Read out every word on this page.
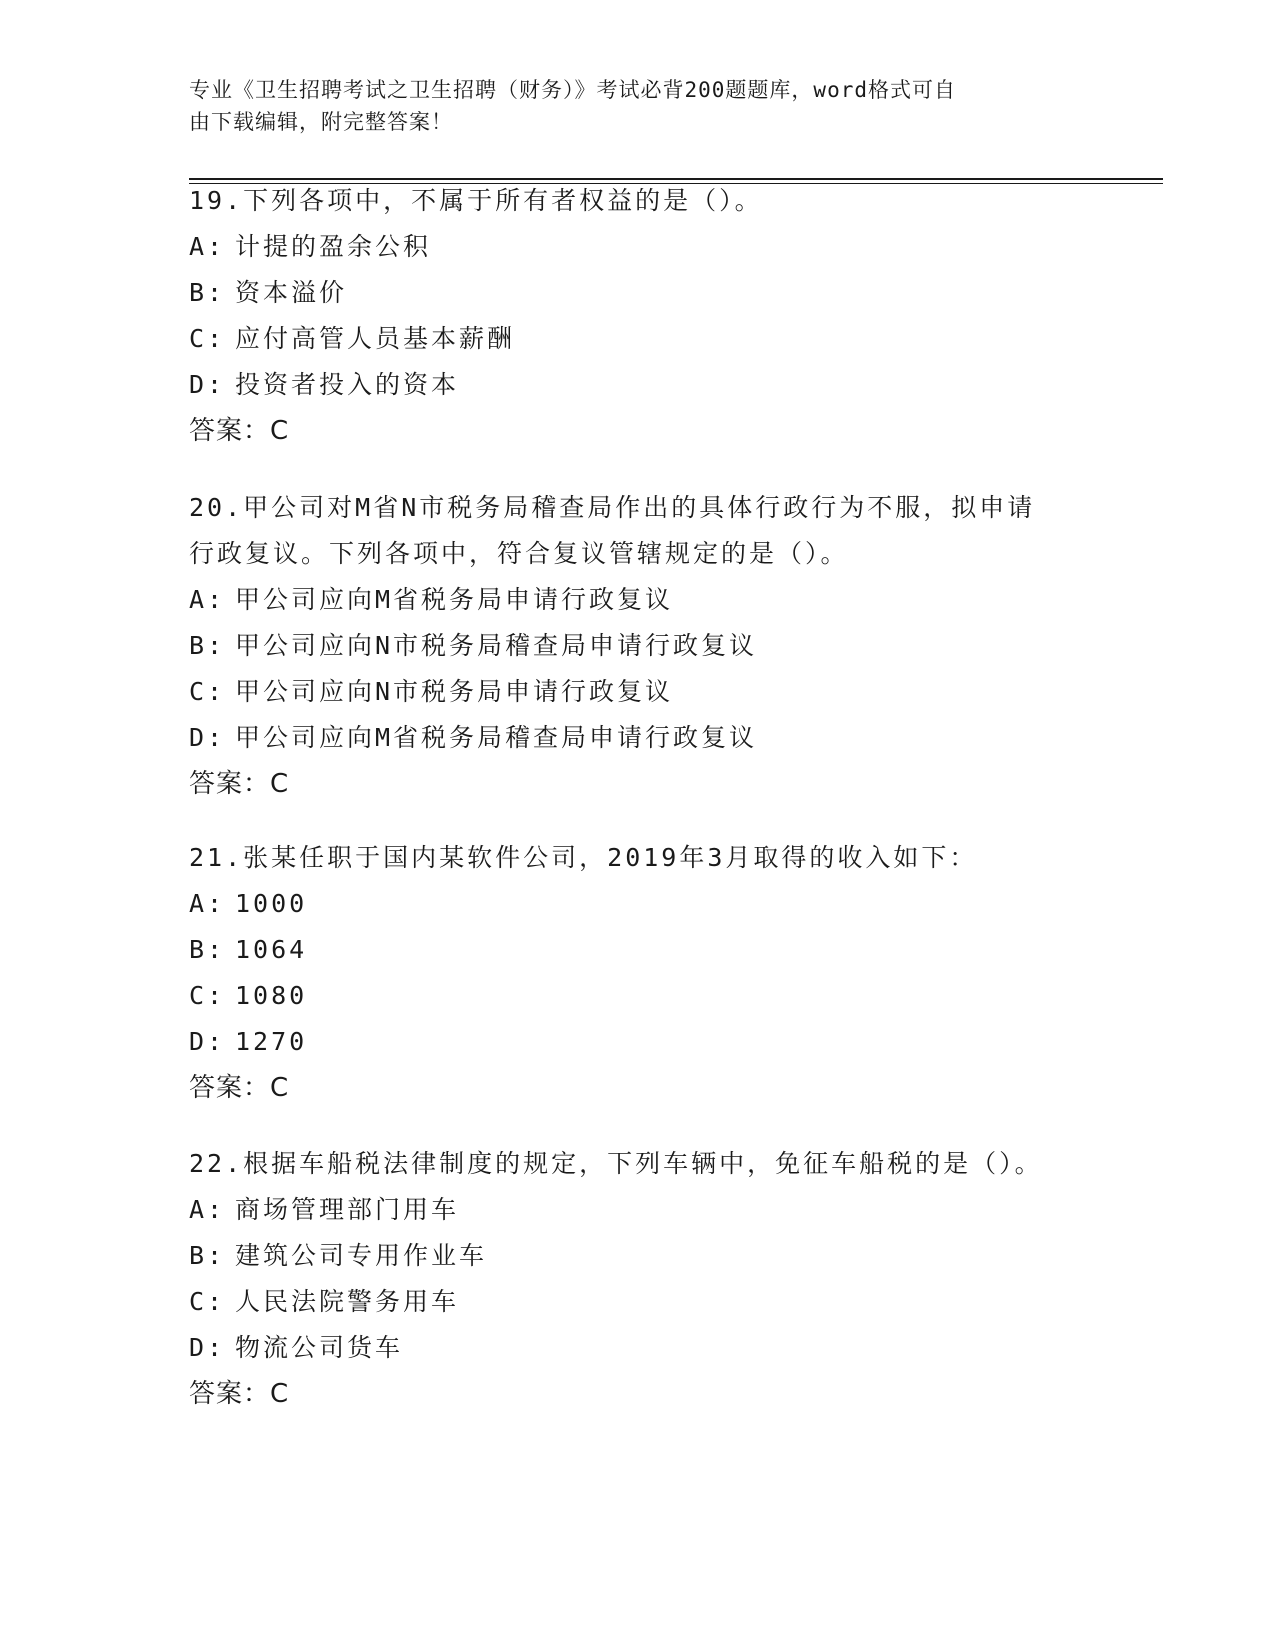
专业《卫生招聘考试之卫生招聘（财务）》考试必背200题题库，word格式可自
由下载编辑，附完整答案！

19.下列各项中，不属于所有者权益的是（）。

A: 计提的盈余公积
B: 资本溢价
C: 应付高管人员基本薪酬
D: 投资者投入的资本

答案：C

20.甲公司对M省N市税务局稽查局作出的具体行政行为不服，拟申请

行政复议。下列各项中，符合复议管辖规定的是（）。

A: 甲公司应向M省税务局申请行政复议
B: 甲公司应向N市税务局稽查局申请行政复议
C: 甲公司应向N市税务局申请行政复议
D: 甲公司应向M省税务局稽查局申请行政复议

答案：C

21.张某任职于国内某软件公司，2019年3月取得的收入如下：

A: 1000
B: 1064
C: 1080
D: 1270

答案：C

22.根据车船税法律制度的规定，下列车辆中，免征车船税的是（）。

A: 商场管理部门用车
B: 建筑公司专用作业车
C: 人民法院警务用车
D: 物流公司货车

答案：C
